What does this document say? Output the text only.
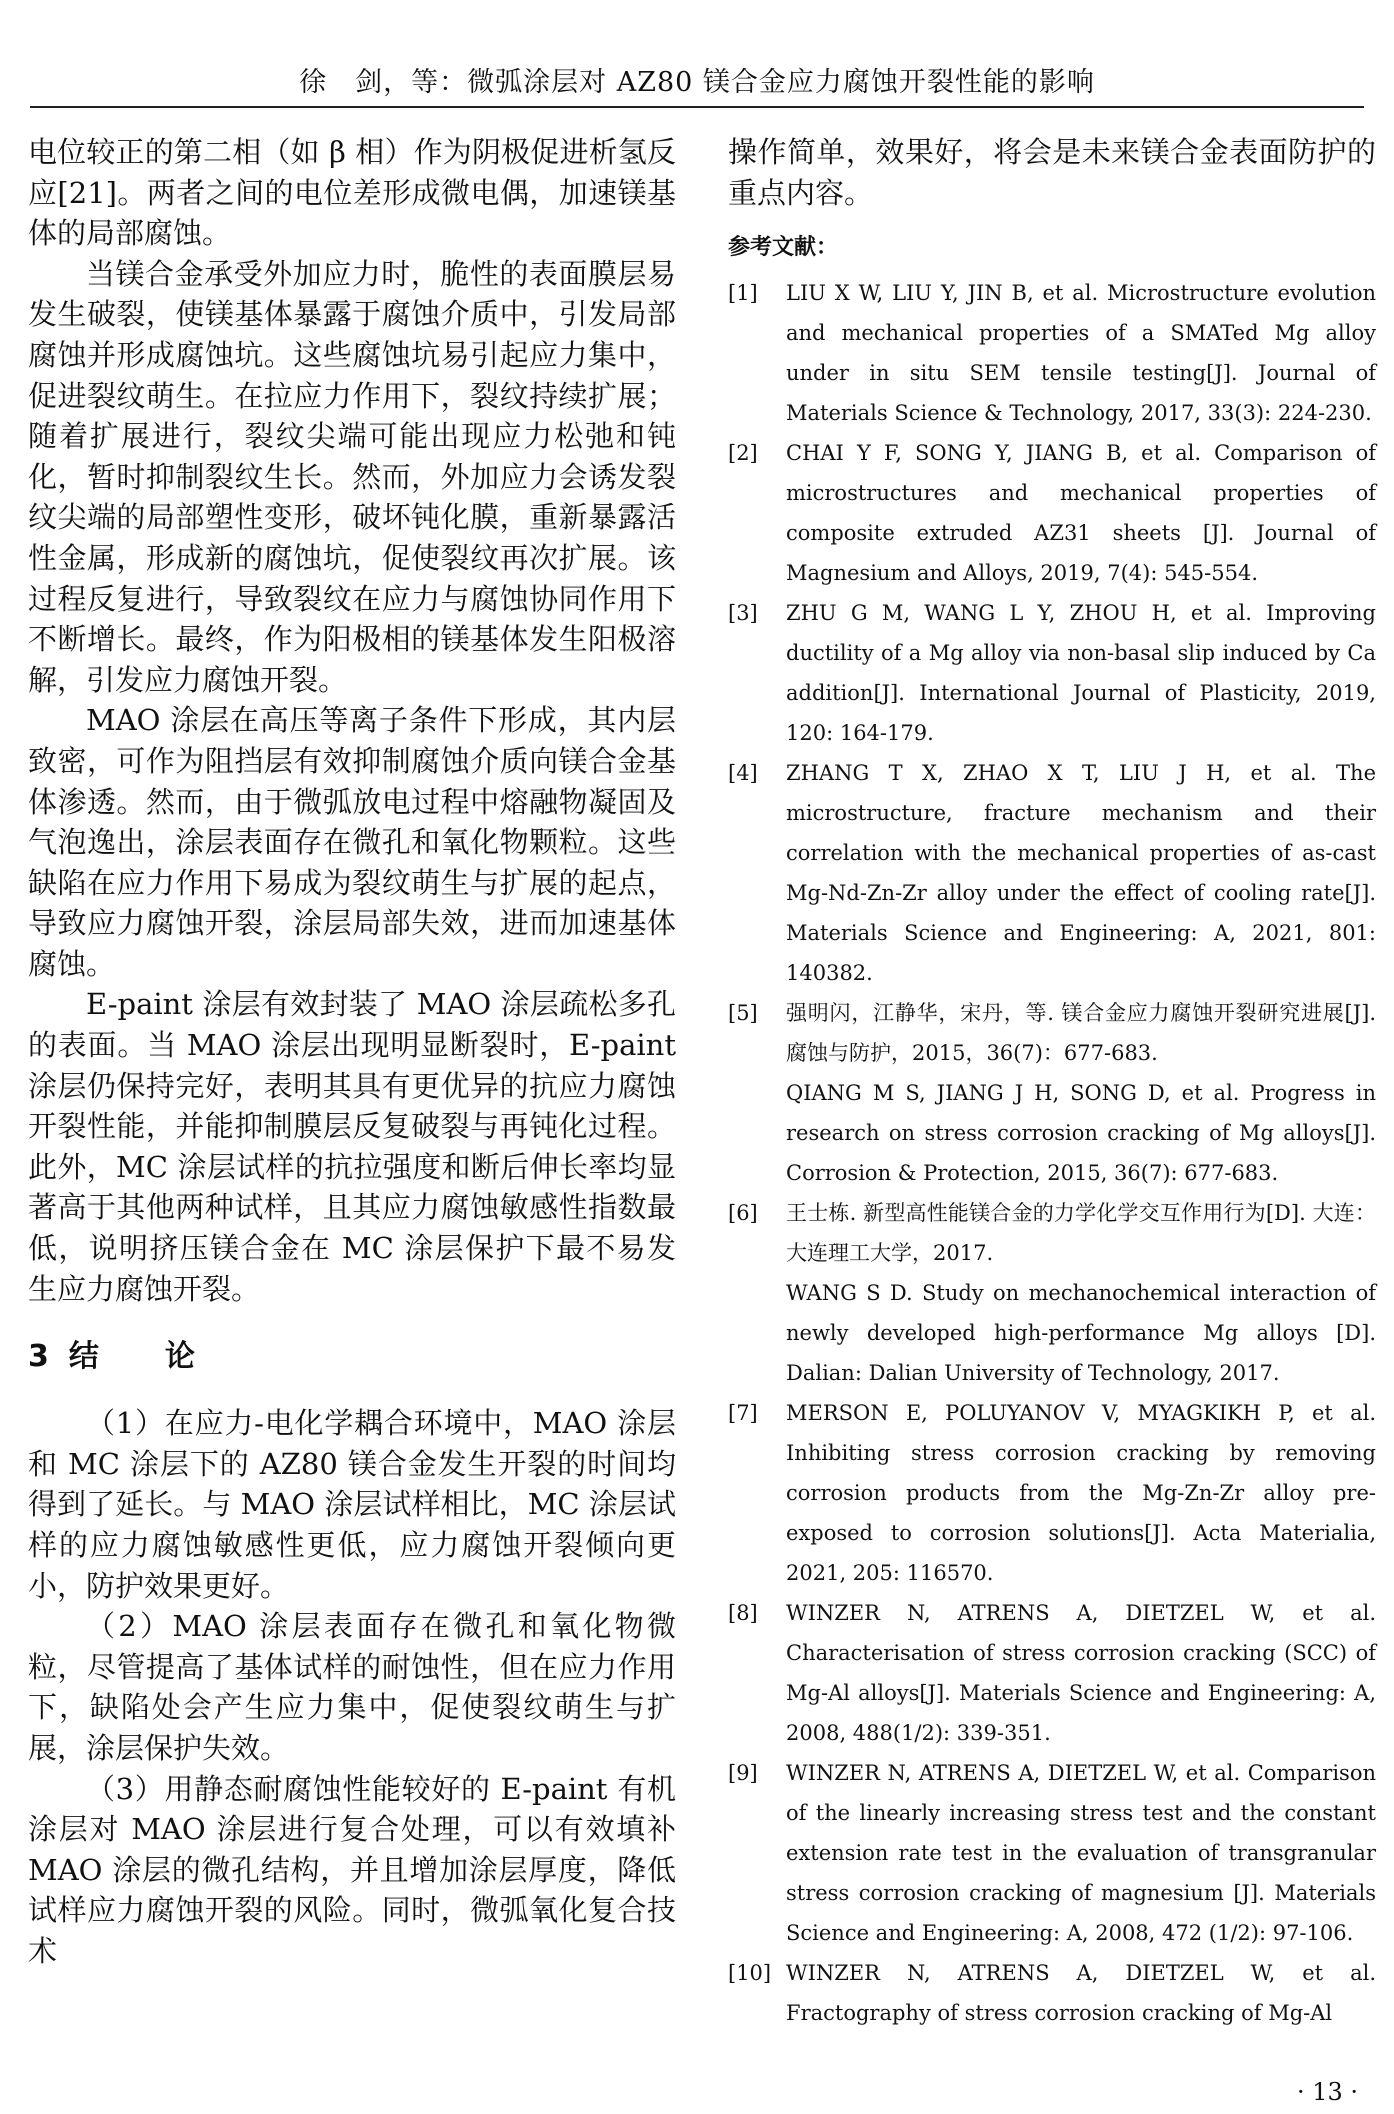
徐　剑，等：微弧涂层对 AZ80 镁合金应力腐蚀开裂性能的影响

电位较正的第二相（如 β 相）作为阴极促进析氢反应[21]。两者之间的电位差形成微电偶，加速镁基体的局部腐蚀。

当镁合金承受外加应力时，脆性的表面膜层易发生破裂，使镁基体暴露于腐蚀介质中，引发局部腐蚀并形成腐蚀坑。这些腐蚀坑易引起应力集中，促进裂纹萌生。在拉应力作用下，裂纹持续扩展；随着扩展进行，裂纹尖端可能出现应力松弛和钝化，暂时抑制裂纹生长。然而，外加应力会诱发裂纹尖端的局部塑性变形，破坏钝化膜，重新暴露活性金属，形成新的腐蚀坑，促使裂纹再次扩展。该过程反复进行，导致裂纹在应力与腐蚀协同作用下不断增长。最终，作为阳极相的镁基体发生阳极溶解，引发应力腐蚀开裂。

MAO 涂层在高压等离子条件下形成，其内层致密，可作为阻挡层有效抑制腐蚀介质向镁合金基体渗透。然而，由于微弧放电过程中熔融物凝固及气泡逸出，涂层表面存在微孔和氧化物颗粒。这些缺陷在应力作用下易成为裂纹萌生与扩展的起点，导致应力腐蚀开裂，涂层局部失效，进而加速基体腐蚀。

E-paint 涂层有效封装了 MAO 涂层疏松多孔的表面。当 MAO 涂层出现明显断裂时，E-paint 涂层仍保持完好，表明其具有更优异的抗应力腐蚀开裂性能，并能抑制膜层反复破裂与再钝化过程。此外，MC 涂层试样的抗拉强度和断后伸长率均显著高于其他两种试样，且其应力腐蚀敏感性指数最低，说明挤压镁合金在 MC 涂层保护下最不易发生应力腐蚀开裂。

3 结　论

（1）在应力-电化学耦合环境中，MAO 涂层和 MC 涂层下的 AZ80 镁合金发生开裂的时间均得到了延长。与 MAO 涂层试样相比，MC 涂层试样的应力腐蚀敏感性更低，应力腐蚀开裂倾向更小，防护效果更好。

（2）MAO 涂层表面存在微孔和氧化物微粒，尽管提高了基体试样的耐蚀性，但在应力作用下，缺陷处会产生应力集中，促使裂纹萌生与扩展，涂层保护失效。

（3）用静态耐腐蚀性能较好的 E-paint 有机涂层对 MAO 涂层进行复合处理，可以有效填补 MAO 涂层的微孔结构，并且增加涂层厚度，降低试样应力腐蚀开裂的风险。同时，微弧氧化复合技术

操作简单，效果好，将会是未来镁合金表面防护的重点内容。

参考文献：
[1]	LIU X W, LIU Y, JIN B, et al. Microstructure evolution and mechanical properties of a SMATed Mg alloy under in situ SEM tensile testing[J]. Journal of Materials Science & Technology, 2017, 33(3): 224-230.
[2]	CHAI Y F, SONG Y, JIANG B, et al. Comparison of microstructures and mechanical properties of composite extruded AZ31 sheets [J]. Journal of Magnesium and Alloys, 2019, 7(4): 545-554.
[3]	ZHU G M, WANG L Y, ZHOU H, et al. Improving ductility of a Mg alloy via non-basal slip induced by Ca addition[J]. International Journal of Plasticity, 2019, 120: 164-179.
[4]	ZHANG T X, ZHAO X T, LIU J H, et al. The microstructure, fracture mechanism and their correlation with the mechanical properties of as-cast Mg-Nd-Zn-Zr alloy under the effect of cooling rate[J]. Materials Science and Engineering: A, 2021, 801: 140382.
[5]	强明闪，江静华，宋丹，等. 镁合金应力腐蚀开裂研究进展[J]. 腐蚀与防护，2015，36(7)：677-683.
QIANG M S, JIANG J H, SONG D, et al. Progress in research on stress corrosion cracking of Mg alloys[J]. Corrosion & Protection, 2015, 36(7): 677-683.
[6]	王士栋. 新型高性能镁合金的力学化学交互作用行为[D]. 大连：大连理工大学，2017.
WANG S D. Study on mechanochemical interaction of newly developed high-performance Mg alloys [D]. Dalian: Dalian University of Technology, 2017.
[7]	MERSON E, POLUYANOV V, MYAGKIKH P, et al. Inhibiting stress corrosion cracking by removing corrosion products from the Mg-Zn-Zr alloy pre-exposed to corrosion solutions[J]. Acta Materialia, 2021, 205: 116570.
[8]	WINZER N, ATRENS A, DIETZEL W, et al. Characterisation of stress corrosion cracking (SCC) of Mg-Al alloys[J]. Materials Science and Engineering: A, 2008, 488(1/2): 339-351.
[9]	WINZER N, ATRENS A, DIETZEL W, et al. Comparison of the linearly increasing stress test and the constant extension rate test in the evaluation of transgranular stress corrosion cracking of magnesium [J]. Materials Science and Engineering: A, 2008, 472 (1/2): 97-106.
[10] WINZER N, ATRENS A, DIETZEL W, et al. Fractography of stress corrosion cracking of Mg-Al
· 13 ·
